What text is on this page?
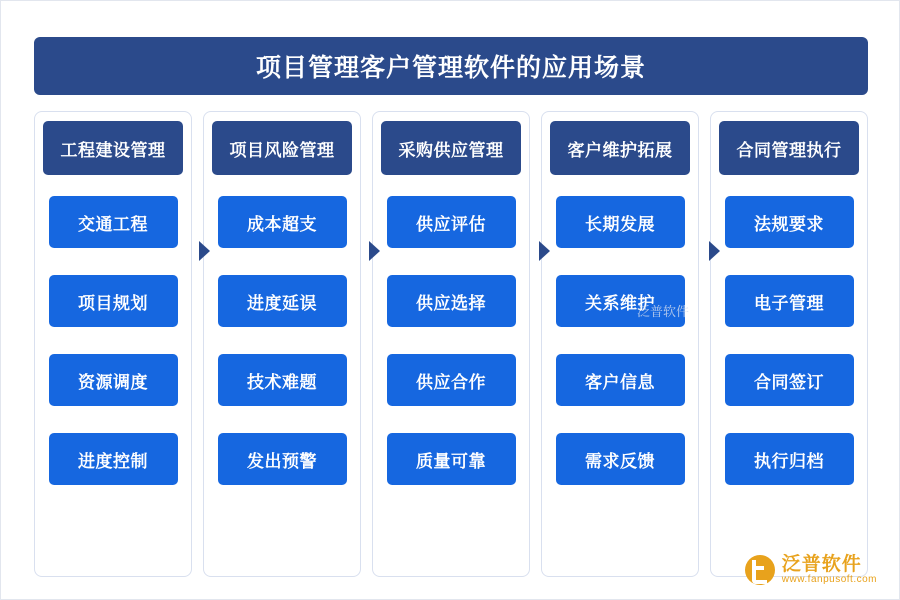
项目管理客户管理软件的应用场景
工程建设管理
交通工程
项目规划
资源调度
进度控制
项目风险管理
成本超支
进度延误
技术难题
发出预警
采购供应管理
供应评估
供应选择
供应合作
质量可靠
客户维护拓展
长期发展
关系维护
客户信息
需求反馈
合同管理执行
法规要求
电子管理
合同签订
执行归档
泛普软件
泛普软件
www.fanpusoft.com
